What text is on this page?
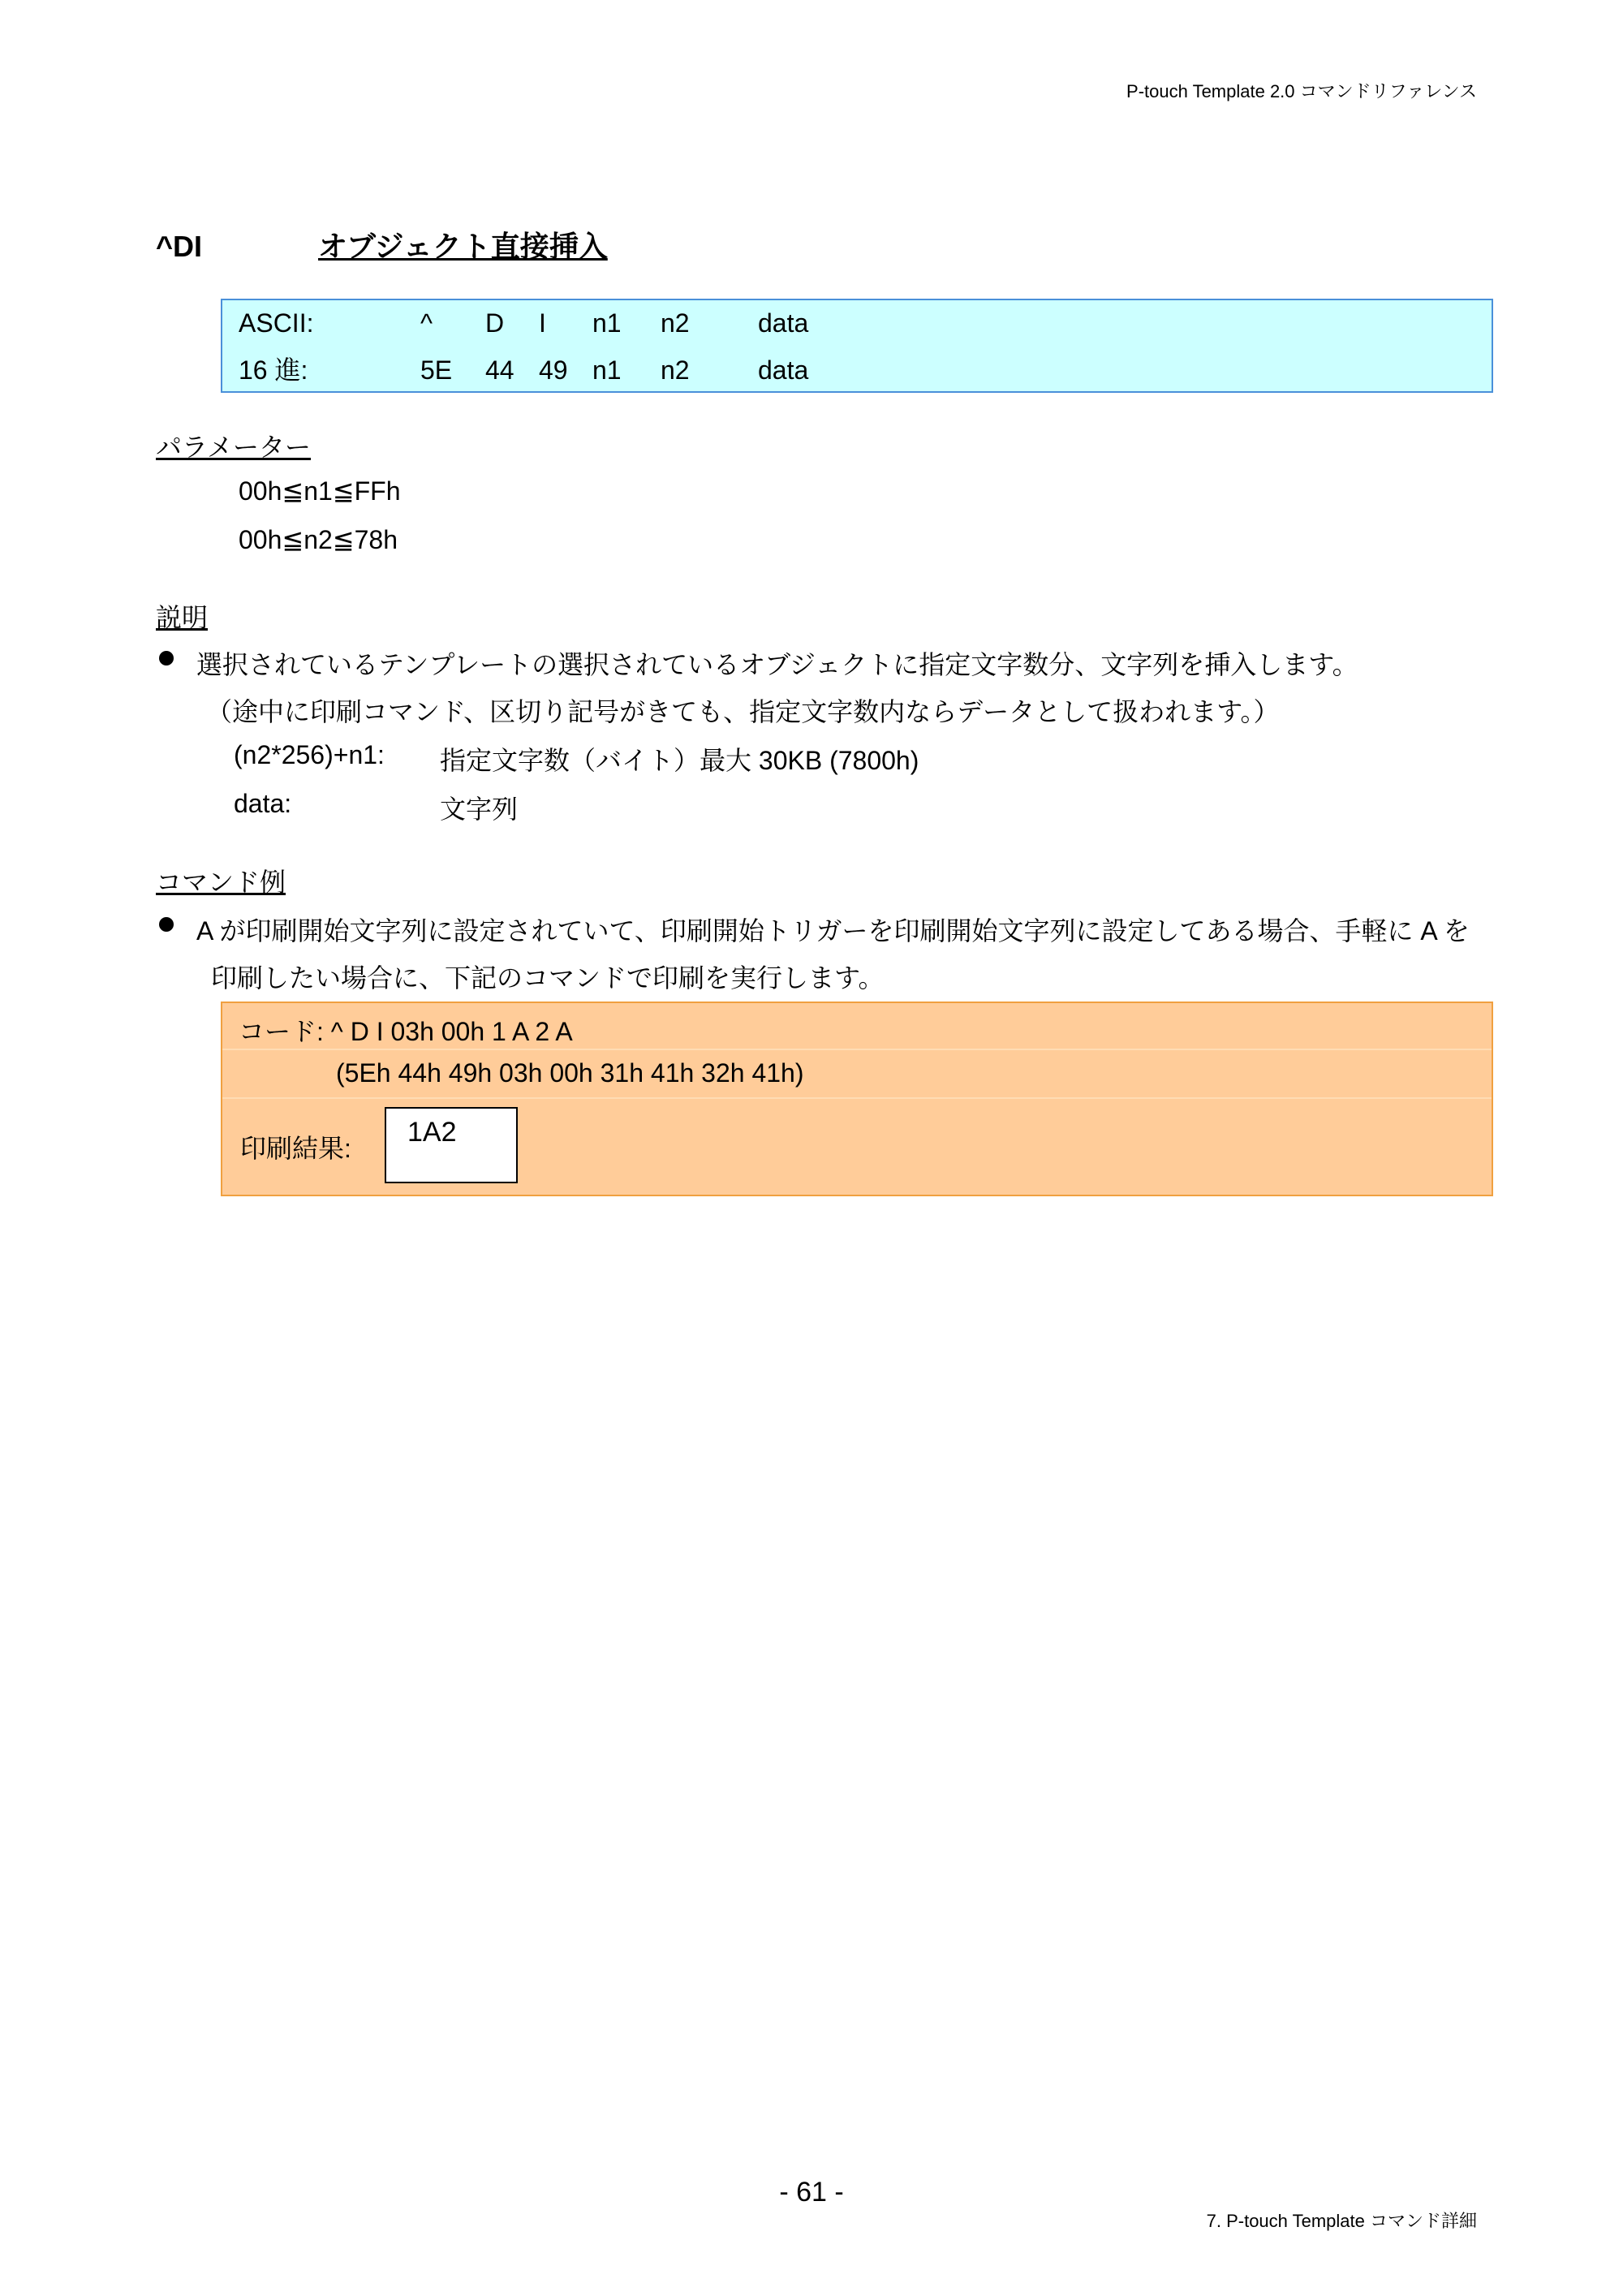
P-touch Template 2.0 コマンドリファレンス
^DI	オブジェクト直接挿入
ASCII:	^ D I n1 n2	data
16 進:	5E 44 49 n1 n2	data
パラメーター
00h≦n1≦FFh
00h≦n2≦78h
説明
選択されているテンプレートの選択されているオブジェクトに指定文字数分、文字列を挿入します。
（途中に印刷コマンド、区切り記号がきても、指定文字数内ならデータとして扱われます。）
(n2*256)+n1: 指定文字数（バイト）最大 30KB (7800h)
data:	文字列
コマンド例
A が印刷開始文字列に設定されていて、印刷開始トリガーを印刷開始文字列に設定してある場合、手軽に A を
印刷したい場合に、下記のコマンドで印刷を実行します。
コード: ^ D I 03h 00h 1 A 2 A
(5Eh 44h 49h 03h 00h 31h 41h 32h 41h)
印刷結果:
1A2
- 61 -
7. P-touch Template コマンド詳細
